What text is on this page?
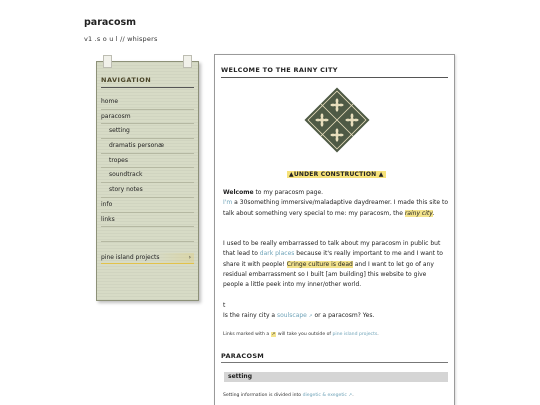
paracosm
v1 .s o u l // whispers
NAVIGATION
home
paracosm
setting
dramatis personæ
tropes
soundtrack
story notes
info
links
pine island projects	›
WELCOME TO THE RAINY CITY
▲UNDER CONSTRUCTION ▲

Welcome to my paracosm page.
I'm a 30something immersive/maladaptive daydreamer. I made this site to talk about something very special to me: my paracosm, the rainy city.

I used to be really embarrassed to talk about my paracosm in public but that lead to dark places because it's really important to me and I want to share it with people! Cringe culture is dead and I want to let go of any residual embarrassment so I built [am building] this website to give people a little peek into my inner/other world.

t

Is the rainy city a soulscape ↗ or a paracosm? Yes.

Links marked with a ↗ will take you outside of pine island projects.

PARACOSM
setting

Setting information is divided into diegetic & exegetic ↗.
